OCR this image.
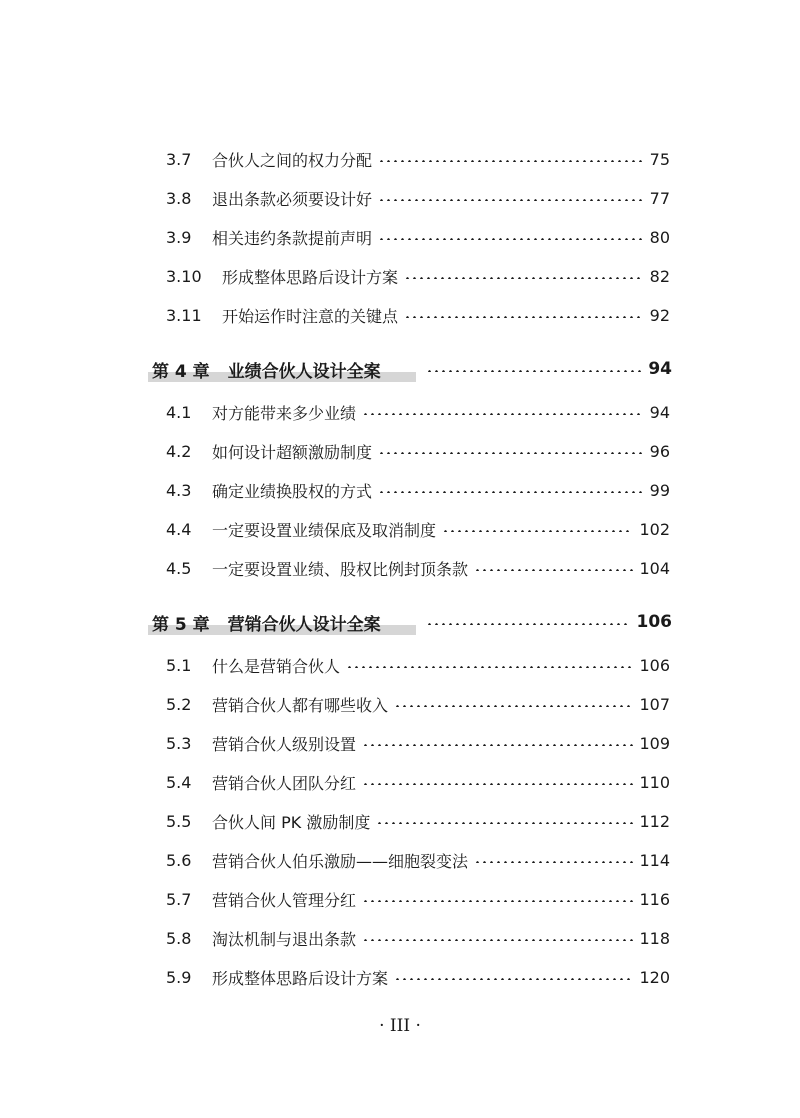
3.7	合伙人之间的权力分配	75
3.8	退出条款必须要设计好	77
3.9	相关违约条款提前声明	80
3.10	形成整体思路后设计方案	82
3.11	开始运作时注意的关键点	92
第 4 章 业绩合伙人设计全案	94
4.1	对方能带来多少业绩	94
4.2	如何设计超额激励制度	96
4.3	确定业绩换股权的方式	99
4.4	一定要设置业绩保底及取消制度	102
4.5	一定要设置业绩、股权比例封顶条款	104
第 5 章 营销合伙人设计全案	106
5.1	什么是营销合伙人	106
5.2	营销合伙人都有哪些收入	107
5.3	营销合伙人级别设置	109
5.4	营销合伙人团队分红	110
5.5	合伙人间 PK 激励制度	112
5.6	营销合伙人伯乐激励——细胞裂变法	114
5.7	营销合伙人管理分红	116
5.8	淘汰机制与退出条款	118
5.9	形成整体思路后设计方案	120
· III ·
